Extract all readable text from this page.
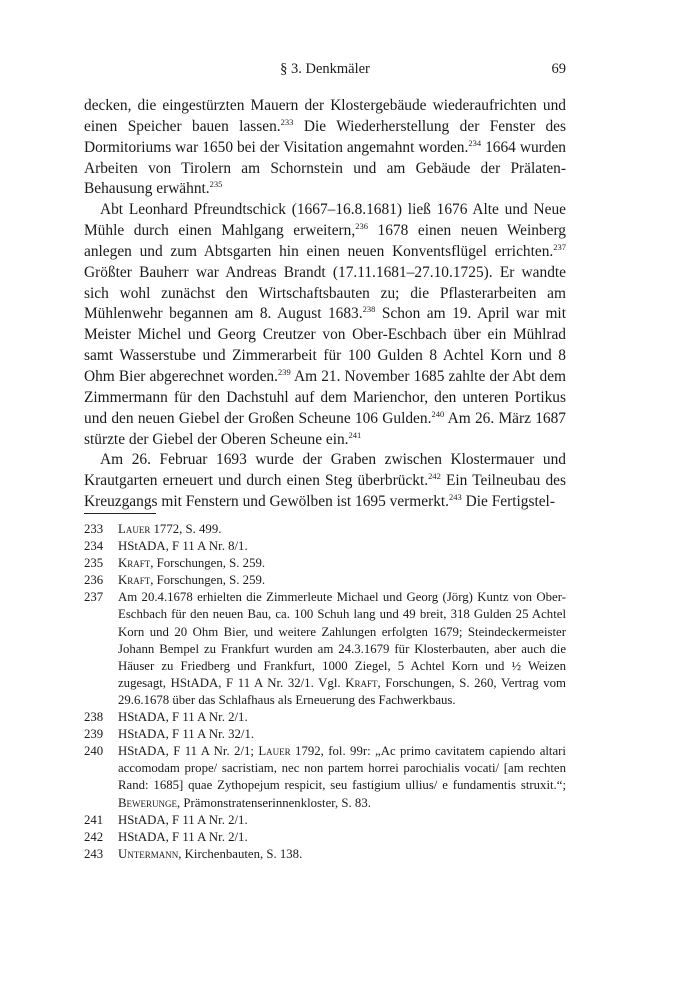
§ 3. Denkmäler	69

decken, die eingestürzten Mauern der Klostergebäude wiederaufrichten und einen Speicher bauen lassen.$^{233}$ Die Wiederherstellung der Fenster des Dormitoriums war 1650 bei der Visitation angemahnt worden.$^{234}$ 1664 wurden Arbeiten von Tirolern am Schornstein und am Gebäude der Prälaten-Behausung erwähnt.$^{235}$

Abt Leonhard Pfreundtschick (1667–16.8.1681) ließ 1676 Alte und Neue Mühle durch einen Mahlgang erweitern,$^{236}$ 1678 einen neuen Weinberg anlegen und zum Abtsgarten hin einen neuen Konventsflügel errichten.$^{237}$ Größter Bauherr war Andreas Brandt (17.11.1681–27.10.1725). Er wandte sich wohl zunächst den Wirtschaftsbauten zu; die Pflasterarbeiten am Mühlenwehr begannen am 8. August 1683.$^{238}$ Schon am 19. April war mit Meister Michel und Georg Creutzer von Ober-Eschbach über ein Mühlrad samt Wasserstube und Zimmerarbeit für 100 Gulden 8 Achtel Korn und 8 Ohm Bier abgerechnet worden.$^{239}$ Am 21. November 1685 zahlte der Abt dem Zimmermann für den Dachstuhl auf dem Marienchor, den unteren Portikus und den neuen Giebel der Großen Scheune 106 Gulden.$^{240}$ Am 26. März 1687 stürzte der Giebel der Oberen Scheune ein.$^{241}$

Am 26. Februar 1693 wurde der Graben zwischen Klostermauer und Krautgarten erneuert und durch einen Steg überbrückt.$^{242}$ Ein Teilneubau des Kreuzgangs mit Fenstern und Gewölben ist 1695 vermerkt.$^{243}$ Die Fertigstel-

233	Lauer 1772, S. 499.
234	HStADA, F 11 A Nr. 8/1.
235	Kraft, Forschungen, S. 259.
236	Kraft, Forschungen, S. 259.
237	Am 20.4.1678 erhielten die Zimmerleute Michael und Georg (Jörg) Kuntz von Ober-Eschbach für den neuen Bau, ca. 100 Schuh lang und 49 breit, 318 Gulden 25 Achtel Korn und 20 Ohm Bier, und weitere Zahlungen erfolgten 1679; Steindeckermeister Johann Bempel zu Frankfurt wurden am 24.3.1679 für Klosterbauten, aber auch die Häuser zu Friedberg und Frankfurt, 1000 Ziegel, 5 Achtel Korn und ½ Weizen zugesagt, HStADA, F 11 A Nr. 32/1. Vgl. Kraft, Forschungen, S. 260, Vertrag vom 29.6.1678 über das Schlafhaus als Erneuerung des Fachwerkbaus.
238	HStADA, F 11 A Nr. 2/1.
239	HStADA, F 11 A Nr. 32/1.
240	HStADA, F 11 A Nr. 2/1; Lauer 1792, fol. 99r: „Ac primo cavitatem capiendo altari accomodam prope/ sacristiam, nec non partem horrei parochialis vocati/ [am rechten Rand: 1685] quae Zythopejum respicit, seu fastigium ullius/ e fundamentis struxit.“; Bewerunge, Prämonstratenserinnenkloster, S. 83.
241	HStADA, F 11 A Nr. 2/1.
242	HStADA, F 11 A Nr. 2/1.
243	Untermann, Kirchenbauten, S. 138.
